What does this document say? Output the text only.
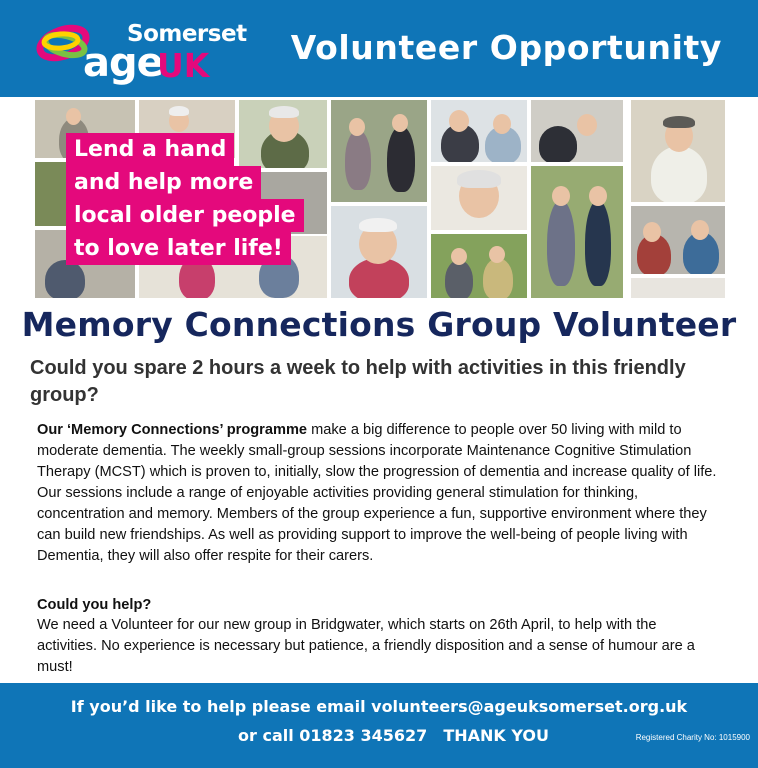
Somerset
age
UK Volunteer Opportunity
Lend a hand
and help more
local older people
to love later life!
Memory Connections Group Volunteer
Could you spare 2 hours a week to help with activities in this friendly group?

Our ‘Memory Connections’ programme make a big difference to people over 50 living with mild to moderate dementia. The weekly small-group sessions incorporate Maintenance Cognitive Stimulation Therapy (MCST) which is proven to, initially, slow the progression of dementia and increase quality of life. Our sessions include a range of enjoyable activities providing general stimulation for thinking, concentration and memory. Members of the group experience a fun, supportive environment where they can build new friendships. As well as providing support to improve the well-being of people living with Dementia, they will also offer respite for their carers.

Could you help?
We need a Volunteer for our new group in Bridgwater, which starts on 26th April, to help with the activities. No experience is necessary but patience, a friendly disposition and a sense of humour are a must!
If you’d like to help please email volunteers@ageuksomerset.org.uk
or call 01823 345627 THANK YOU	Registered Charity No: 1015900
